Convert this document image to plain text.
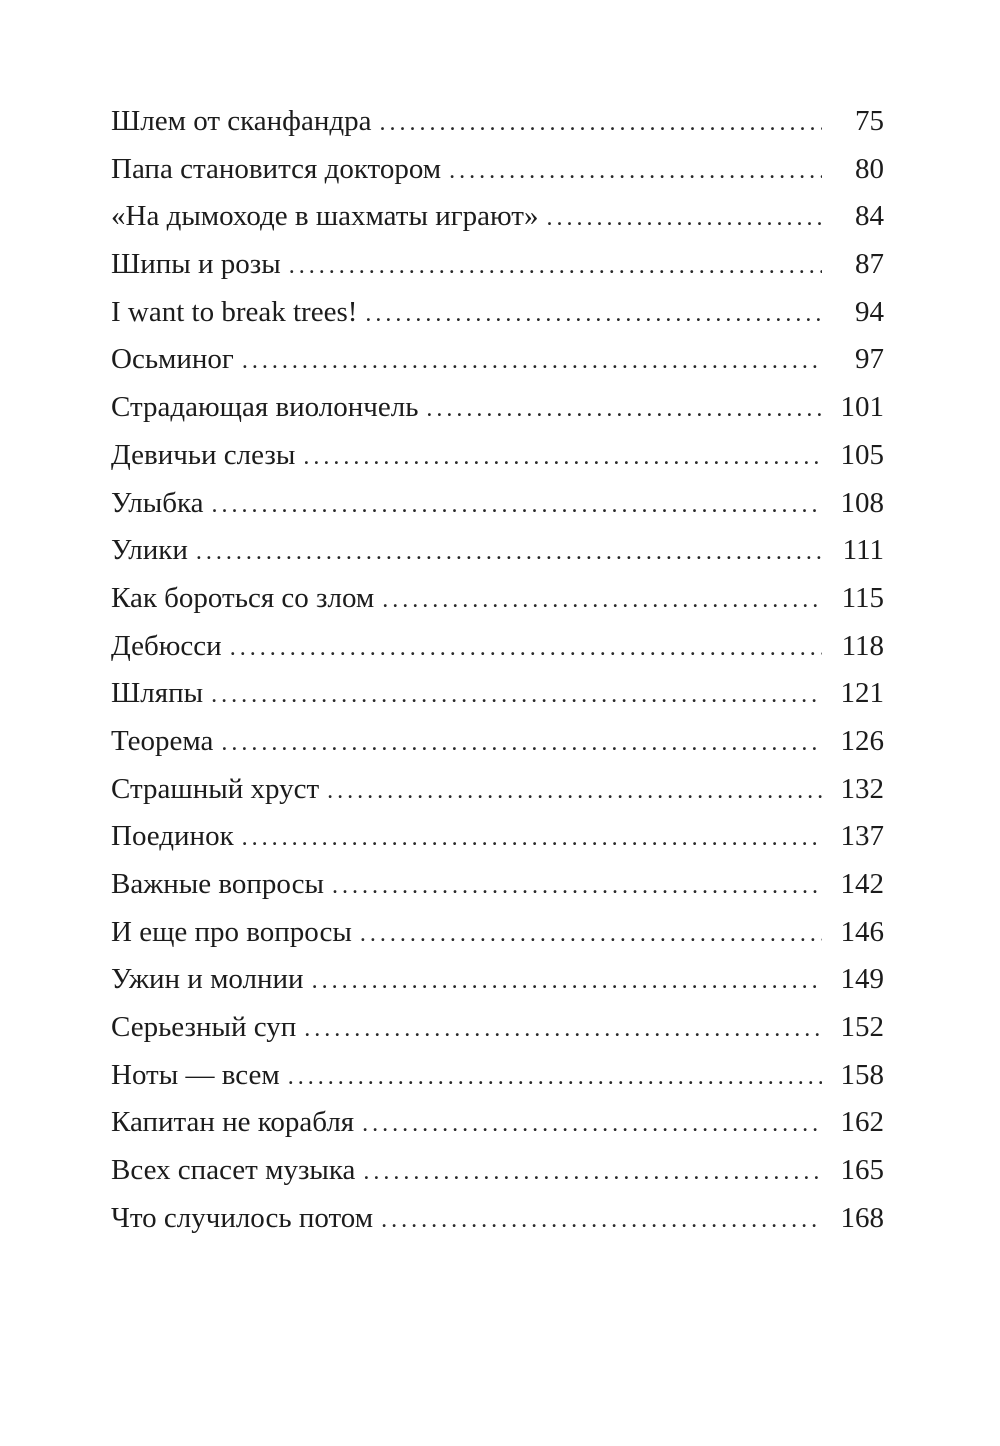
Шлем от сканфандра . . .	75
Папа становится доктором . . .	80
«На дымоходе в шахматы играют» . . .	84
Шипы и розы . . .	87
I want to break trees! . . .	94
Осьминог . . .	97
Страдающая виолончель . . .	101
Девичьи слезы . . .	105
Улыбка . . .	108
Улики . . .	111
Как бороться со злом . . .	115
Дебюсси . . .	118
Шляпы . . .	121
Теорема . . .	126
Страшный хруст . . .	132
Поединок . . .	137
Важные вопросы . . .	142
И еще про вопросы . . .	146
Ужин и молнии . . .	149
Серьезный суп . . .	152
Ноты — всем . . .	158
Капитан не корабля . . .	162
Всех спасет музыка . . .	165
Что случилось потом . . .	168
